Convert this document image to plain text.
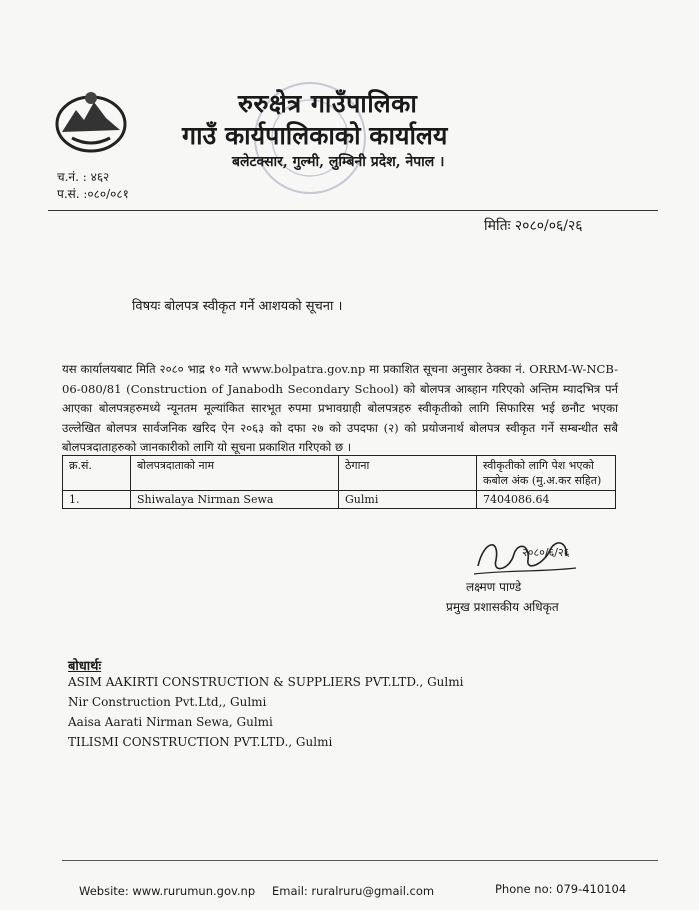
रुरुक्षेत्र गाउँपालिका
गाउँ कार्यपालिकाको कार्यालय
बलेटक्सार, गुल्मी, लुम्बिनी प्रदेश, नेपाल ।
च.नं. : ४६२
प.सं. :०८०/०८१
मितिः २०८०/०६/२६
विषयः बोलपत्र स्वीकृत गर्ने आशयको सूचना ।
यस कार्यालयबाट मिति २०८० भाद्र १० गते www.bolpatra.gov.np मा प्रकाशित सूचना अनुसार ठेक्का नं. ORRM-W-NCB-06-080/81 (Construction of Janabodh Secondary School) को बोलपत्र आब्हान गरिएको अन्तिम म्यादभित्र पर्न आएका बोलपत्रहरुमध्ये न्यूनतम मूल्यांकित सारभूत रुपमा प्रभावग्राही बोलपत्रहरु स्वीकृतीको लागि सिफारिस भई छनौट भएका उल्लेखित बोलपत्र सार्वजनिक खरिद ऐन २०६३ को दफा २७ को उपदफा (२) को प्रयोजनार्थ बोलपत्र स्वीकृत गर्ने सम्बन्धीत सबै बोलपत्रदाताहरुको जानकारीको लागि यो सूचना प्रकाशित गरिएको छ ।
क्र.सं.	बोलपत्रदाताको नाम	ठेगाना	स्वीकृतीको लागि पेश भएको कबोल अंक (मु.अ.कर सहित)
1.	Shiwalaya Nirman Sewa	Gulmi	7404086.64
२०८०/६/२६
लक्ष्मण पाण्डे
प्रमुख प्रशासकीय अधिकृत
बोधार्थः
ASIM AAKIRTI CONSTRUCTION & SUPPLIERS PVT.LTD., Gulmi
Nir Construction Pvt.Ltd,, Gulmi
Aaisa Aarati Nirman Sewa, Gulmi
TILISMI CONSTRUCTION PVT.LTD., Gulmi
Website: www.rurumun.gov.np Email: ruralruru@gmail.com	Phone no: 079-410104
